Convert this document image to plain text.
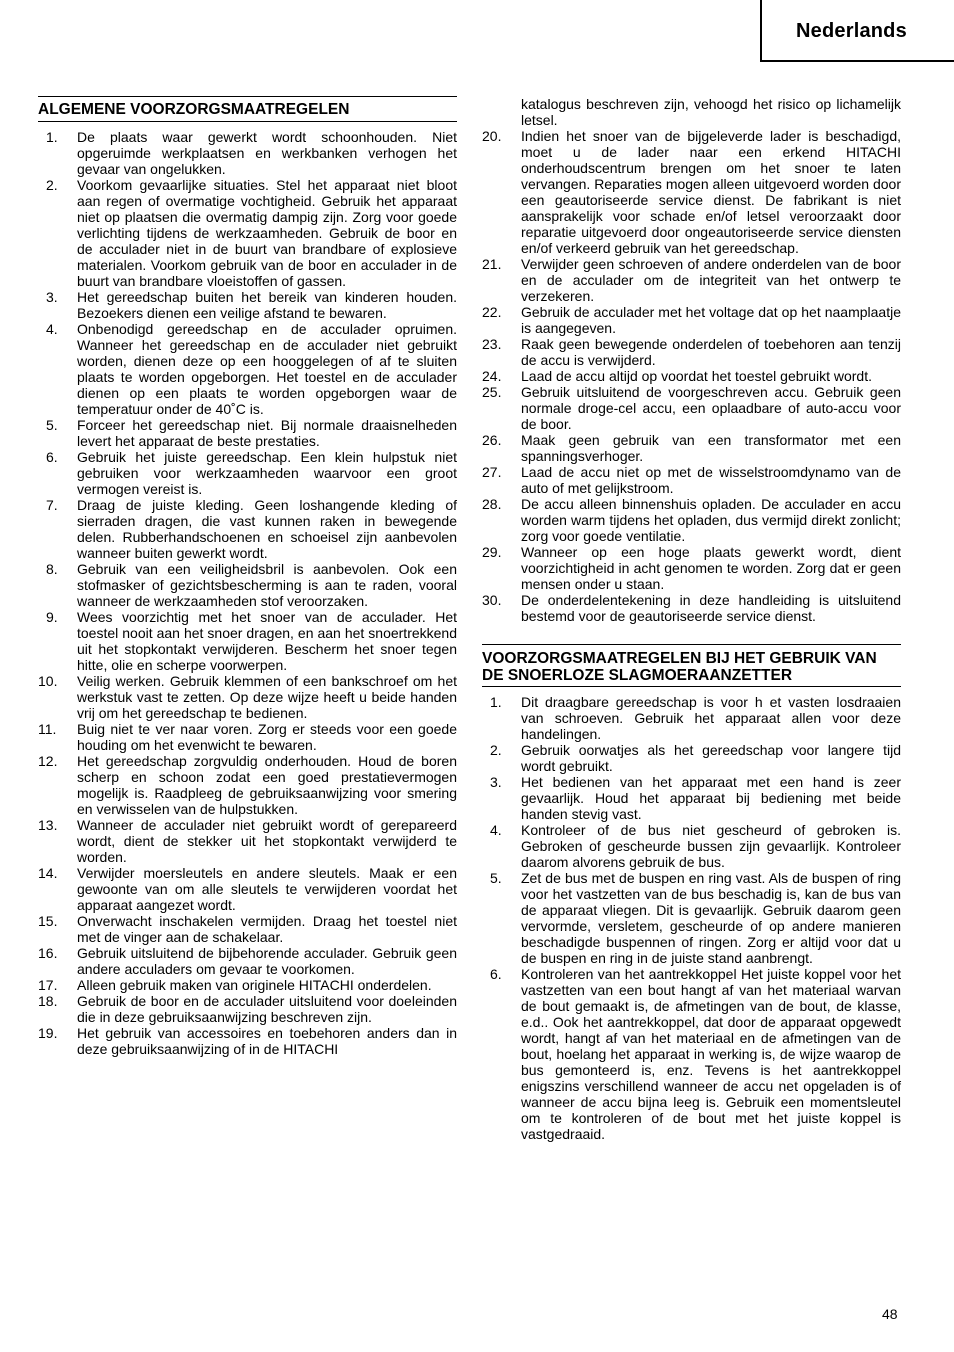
Nederlands
ALGEMENE VOORZORGSMAATREGELEN
1.	De plaats waar gewerkt wordt schoonhouden. Niet opgeruimde werkplaatsen en werkbanken verhogen het gevaar van ongelukken.
2.	Voorkom gevaarlijke situaties. Stel het apparaat niet bloot aan regen of overmatige vochtigheid. Gebruik het apparaat niet op plaatsen die overmatig dampig zijn. Zorg voor goede verlichting tijdens de werkzaamheden. Gebruik de boor en de acculader niet in de buurt van brandbare of explosieve materialen. Voorkom gebruik van de boor en acculader in de buurt van brandbare vloeistoffen of gassen.
3.	Het gereedschap buiten het bereik van kinderen houden. Bezoekers dienen een veilige afstand te bewaren.
4.	Onbenodigd gereedschap en de acculader opruimen. Wanneer het gereedschap en de acculader niet gebruikt worden, dienen deze op een hooggelegen of af te sluiten plaats te worden opgeborgen. Het toestel en de acculader dienen op een plaats te worden opgeborgen waar de temperatuur onder de 40˚C is.
5.	Forceer het gereedschap niet. Bij normale draaisnelheden levert het apparaat de beste prestaties.
6.	Gebruik het juiste gereedschap. Een klein hulpstuk niet gebruiken voor werkzaamheden waarvoor een groot vermogen vereist is.
7.	Draag de juiste kleding. Geen loshangende kleding of sierraden dragen, die vast kunnen raken in bewegende delen. Rubberhandschoenen en schoeisel zijn aanbevolen wanneer buiten gewerkt wordt.
8.	Gebruik van een veiligheidsbril is aanbevolen. Ook een stofmasker of gezichtsbescherming is aan te raden, vooral wanneer de werkzaamheden stof veroorzaken.
9.	Wees voorzichtig met het snoer van de acculader. Het toestel nooit aan het snoer dragen, en aan het snoertrekkend uit het stopkontakt verwijderen. Bescherm het snoer tegen hitte, olie en scherpe voorwerpen.
10.	Veilig werken. Gebruik klemmen of een bankschroef om het werkstuk vast te zetten. Op deze wijze heeft u beide handen vrij om het gereedschap te bedienen.
11.	Buig niet te ver naar voren. Zorg er steeds voor een goede houding om het evenwicht te bewaren.
12.	Het gereedschap zorgvuldig onderhouden. Houd de boren scherp en schoon zodat een goed prestatievermogen mogelijk is. Raadpleeg de gebruiksaanwijzing voor smering en verwisselen van de hulpstukken.
13.	Wanneer de acculader niet gebruikt wordt of gerepareerd wordt, dient de stekker uit het stopkontakt verwijderd te worden.
14.	Verwijder moersleutels en andere sleutels. Maak er een gewoonte van om alle sleutels te verwijderen voordat het apparaat aangezet wordt.
15.	Onverwacht inschakelen vermijden. Draag het toestel niet met de vinger aan de schakelaar.
16.	Gebruik uitsluitend de bijbehorende acculader. Gebruik geen andere acculaders om gevaar te voorkomen.
17.	Alleen gebruik maken van originele HITACHI onderdelen.
18.	Gebruik de boor en de acculader uitsluitend voor doeleinden die in deze gebruiksaanwijzing beschreven zijn.
19.	Het gebruik van accessoires en toebehoren anders dan in deze gebruiksaanwijzing of in de HITACHI
katalogus beschreven zijn, vehoogd het risico op lichamelijk letsel.
20.	Indien het snoer van de bijgeleverde lader is beschadigd, moet u de lader naar een erkend HITACHI onderhoudscentrum brengen om het snoer te laten vervangen. Reparaties mogen alleen uitgevoerd worden door een geautoriseerde service dienst. De fabrikant is niet aansprakelijk voor schade en/of letsel veroorzaakt door reparatie uitgevoerd door ongeautoriseerde service diensten en/of verkeerd gebruik van het gereedschap.
21.	Verwijder geen schroeven of andere onderdelen van de boor en de acculader om de integriteit van het ontwerp te verzekeren.
22.	Gebruik de acculader met het voltage dat op het naamplaatje is aangegeven.
23.	Raak geen bewegende onderdelen of toebehoren aan tenzij de accu is verwijderd.
24.	Laad de accu altijd op voordat het toestel gebruikt wordt.
25.	Gebruik uitsluitend de voorgeschreven accu. Gebruik geen normale droge-cel accu, een oplaadbare of auto-accu voor de boor.
26.	Maak geen gebruik van een transformator met een spanningsverhoger.
27.	Laad de accu niet op met de wisselstroomdynamo van de auto of met gelijkstroom.
28.	De accu alleen binnenshuis opladen. De acculader en accu worden warm tijdens het opladen, dus vermijd direkt zonlicht; zorg voor goede ventilatie.
29.	Wanneer op een hoge plaats gewerkt wordt, dient voorzichtigheid in acht genomen te worden. Zorg dat er geen mensen onder u staan.
30.	De onderdelentekening in deze handleiding is uitsluitend bestemd voor de geautoriseerde service dienst.
VOORZORGSMAATREGELEN BIJ HET GEBRUIK VAN DE SNOERLOZE SLAGMOERAANZETTER
1.	Dit draagbare gereedschap is voor h et vasten losdraaien van schroeven. Gebruik het apparaat allen voor deze handelingen.
2.	Gebruik oorwatjes als het gereedschap voor langere tijd wordt gebruikt.
3.	Het bedienen van het apparaat met een hand is zeer gevaarlijk. Houd het apparaat bij bediening met beide handen stevig vast.
4.	Kontroleer of de bus niet gescheurd of gebroken is. Gebroken of gescheurde bussen zijn gevaarlijk. Kontroleer daarom alvorens gebruik de bus.
5.	Zet de bus met de buspen en ring vast. Als de buspen of ring voor het vastzetten van de bus beschadig is, kan de bus van de apparaat vliegen. Dit is gevaarlijk. Gebruik daarom geen vervormde, versletem, gescheurde of op andere manieren beschadigde buspennen of ringen. Zorg er altijd voor dat u de buspen en ring in de juiste stand aanbrengt.
6.	Kontroleren van het aantrekkoppel Het juiste koppel voor het vastzetten van een bout hangt af van het materiaal warvan de bout gemaakt is, de afmetingen van de bout, de klasse, e.d.. Ook het aantrekkoppel, dat door de apparaat opgewedt wordt, hangt af van het materiaal en de afmetingen van de bout, hoelang het apparaat in werking is, de wijze waarop de bus gemonteerd is, enz. Tevens is het aantrekkoppel enigszins verschillend wanneer de accu net opgeladen is of wanneer de accu bijna leeg is. Gebruik een momentsleutel om te kontroleren of de bout met het juiste koppel is vastgedraaid.
48
